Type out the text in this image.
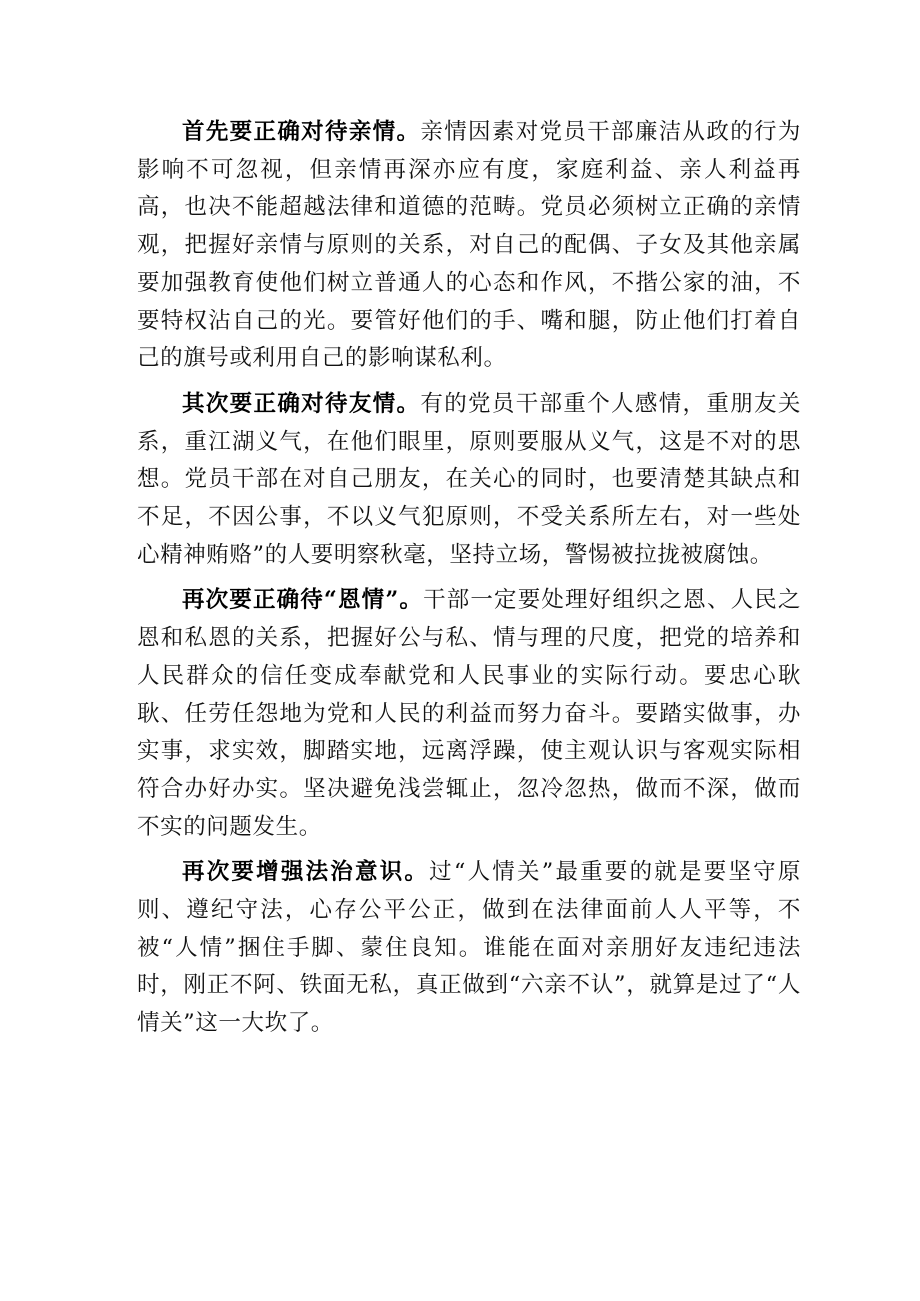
首先要正确对待亲情。亲情因素对党员干部廉洁从政的行为影响不可忽视，但亲情再深亦应有度，家庭利益、亲人利益再高，也决不能超越法律和道德的范畴。党员必须树立正确的亲情观，把握好亲情与原则的关系，对自己的配偶、子女及其他亲属要加强教育使他们树立普通人的心态和作风，不揩公家的油，不要特权沾自己的光。要管好他们的手、嘴和腿，防止他们打着自己的旗号或利用自己的影响谋私利。

其次要正确对待友情。有的党员干部重个人感情，重朋友关系，重江湖义气，在他们眼里，原则要服从义气，这是不对的思想。党员干部在对自己朋友，在关心的同时，也要清楚其缺点和不足，不因公事，不以义气犯原则，不受关系所左右，对一些处心精神贿赂”的人要明察秋毫，坚持立场，警惕被拉拢被腐蚀。

再次要正确待“恩情”。干部一定要处理好组织之恩、人民之恩和私恩的关系，把握好公与私、情与理的尺度，把党的培养和人民群众的信任变成奉献党和人民事业的实际行动。要忠心耿耿、任劳任怨地为党和人民的利益而努力奋斗。要踏实做事，办实事，求实效，脚踏实地，远离浮躁，使主观认识与客观实际相符合办好办实。坚决避免浅尝辄止，忽冷忽热，做而不深，做而不实的问题发生。

再次要增强法治意识。过“人情关”最重要的就是要坚守原则、遵纪守法，心存公平公正，做到在法律面前人人平等，不被“人情”捆住手脚、蒙住良知。谁能在面对亲朋好友违纪违法时，刚正不阿、铁面无私，真正做到“六亲不认”，就算是过了“人情关”这一大坎了。
